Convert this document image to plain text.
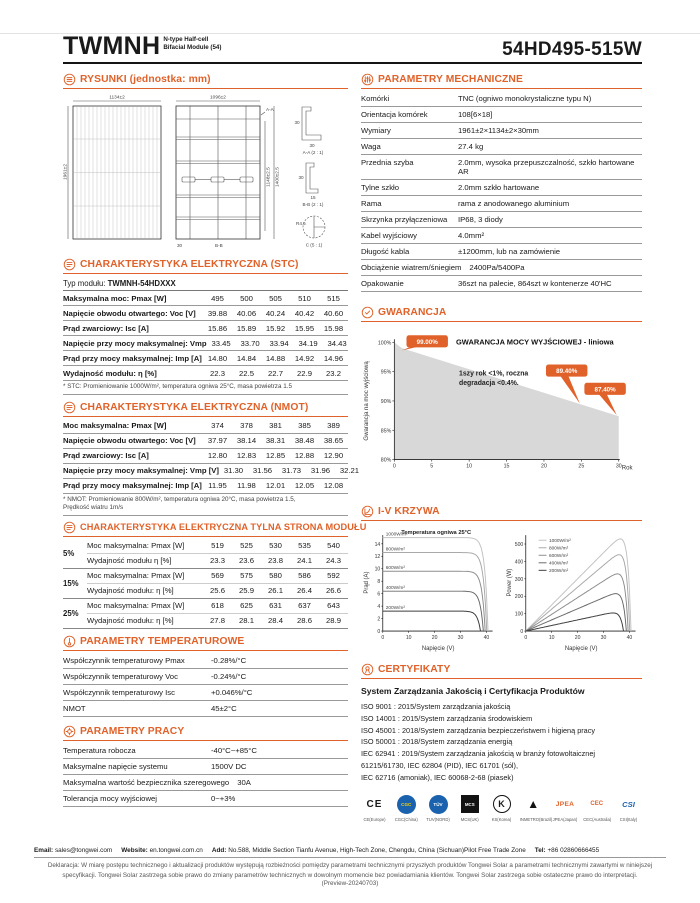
TWMNH N-type Half-cell
Bifacial Module (54)	54HD495-515W
RYSUNKI (jednostka: mm)
1134±2
1961±2
1096±2
A-A
1148±2.5 1400±2.5
30	B-B
30
30
A-A (2 : 1)
30
15
B-B (2 : 1)
R4.5
C (5 : 1)
CHARAKTERYSTYKA ELEKTRYCZNA (STC)
Typ modułu: TWMNH-54HDXXX
Maksymalna moc: Pmax [W]	495	500	505	510	515
Napięcie obwodu otwartego: Voc [V]	39.88	40.06	40.24	40.42	40.60
Prąd zwarciowy: Isc [A]	15.86	15.89	15.92	15.95	15.98
Napięcie przy mocy maksymalnej: Vmp 33.45	33.70	33.94	34.19	34.43
Prąd przy mocy maksymalnej: Imp [A] 14.80	14.84	14.88	14.92	14.96
Wydajność modułu: η [%]	22.3	22.5	22.7	22.9	23.2
* STC: Promieniowanie 1000W/m², temperatura ogniwa 25°C, masa powietrza 1.5
CHARAKTERYSTYKA ELEKTRYCZNA (NMOT)
Moc maksymalna: Pmax [W]	374	378	381	385	389
Napięcie obwodu otwartego: Voc [V]	37.97	38.14	38.31	38.48	38.65
Prąd zwarciowy: Isc [A]	12.80	12.83	12.85	12.88	12.90
Napięcie przy mocy maksymalnej: Vmp [V] 31.30	31.56	31.73	31.96	32.21
Prąd przy mocy maksymalnej: Imp [A] 11.95	11.98	12.01	12.05	12.08
* NMOT: Promieniowanie 800W/m², temperatura ogniwa 20°C, masa powietrza 1.5,
Prędkość wiatru 1m/s
CHARAKTERYSTYKA ELEKTRYCZNA TYLNA STRONA MODUŁU
5%
Moc maksymalna: Pmax [W]	519	525	530	535	540
Wydajność modułu η [%]	23.3	23.6	23.8	24.1	24.3
15%
Moc maksymalna: Pmax [W]	569	575	580	586	592
Wydajność modułu: η [%]	25.6	25.9	26.1	26.4	26.6
25%
Moc maksymalna: Pmax [W]	618	625	631	637	643
Wydajność modułu: η [%]	27.8	28.1	28.4	28.6	28.9
PARAMETRY TEMPERATUROWE
Współczynnik temperaturowy Pmax	-0.28%/°C
Współczynnik temperaturowy Voc	-0.24%/°C
Współczynnik temperaturowy Isc	+0.046%/°C
NMOT	45±2°C
PARAMETRY PRACY
Temperatura robocza	-40°C~+85°C
Maksymalne napięcie systemu	1500V DC
Maksymalna wartość bezpiecznika szeregowego	30A
Tolerancja mocy wyjściowej	0~+3%
PARAMETRY MECHANICZNE
Komórki	TNC (ogniwo monokrystaliczne typu N)
Orientacja komórek	108[6×18]
Wymiary	1961±2×1134±2×30mm
Waga	27.4 kg
Przednia szyba	2.0mm, wysoka przepuszczalność, szkło hartowane AR
Tylne szkło	2.0mm szkło hartowane
Rama	rama z anodowanego aluminium
Skrzynka przyłączeniowa	IP68, 3 diody
Kabel wyjściowy	4.0mm²
Długość kabla	±1200mm, lub na zamówienie
Obciążenie wiatrem/śniegiem	2400Pa/5400Pa
Opakowanie	36szt na palecie, 864szt w kontenerze 40'HC
GWARANCJA
GWARANCJA MOCY WYJŚCIOWEJ - liniowa
100%
95%
90%
85%
80%
0	5	10	15	20	25	30
Gwarancja na moc wyjściową
Rok
1szy rok <1%, roczna
degradacja <0.4%.
99.00%
89.40%
87.40%
I-V KRZYWA
Temperatura ogniwa 25°C
1000W/m²
800W/m²
600W/m²
400W/m²
200W/m²
0
2
4
6
8
10
12
14
0	10	20	30	40
Prąd (A)
Napięcie (V)
1000W/m²
800W/m²
600W/m²
400W/m²
200W/m²
0
100
200
300
400
500
0	10	20	30	40
Power (W)
Napięcie (V)
CERTYFIKATY
System Zarządzania Jakością i Certyfikacja Produktów
ISO 9001 : 2015/System zarządzania jakością
ISO 14001 : 2015/System zarządzania środowiskiem
ISO 45001 : 2018/System zarządzania bezpieczeństwem i higieną pracy
ISO 50001 : 2018/System zarządzania energią
IEC 62941 : 2019/System zarządzania jakością w branży fotowoltaicznej
61215/61730, IEC 62804 (PID), IEC 61701 (sól),
IEC 62716 (amoniak), IEC 60068-2-68 (piasek)
CE
CE(Europe)
CGC
CGC(China)
TÜV
TUV(NORD)
MCS
MCS(UK)
K
KS(Korea)
▲
INMETRO(Brazil)
JPEA
JPEA(Japan)
CEC
CEC(Australia)
CSI
CSI(Italy)
Email: sales@tongwei.com Website: en.tongwei.com.cn Add: No.588, Middle Section Tianfu Avenue, High-Tech Zone, Chengdu, China (Sichuan)Pilot Free Trade Zone Tel: +86 02860666455
Deklaracja: W miarę postępu technicznego i aktualizacji produktów występują rozbieżności pomiędzy parametrami technicznymi przyszłych produktów Tongwei Solar a parametrami technicznymi zawartymi w niniejszej specyfikacji. Tongwei Solar zastrzega sobie prawo do zmiany parametrów technicznych w dowolnym momencie bez powiadamiania klientów. Tongwei Solar zastrzega sobie ostateczne prawo do interpretacji.
(Preview-20240703)
